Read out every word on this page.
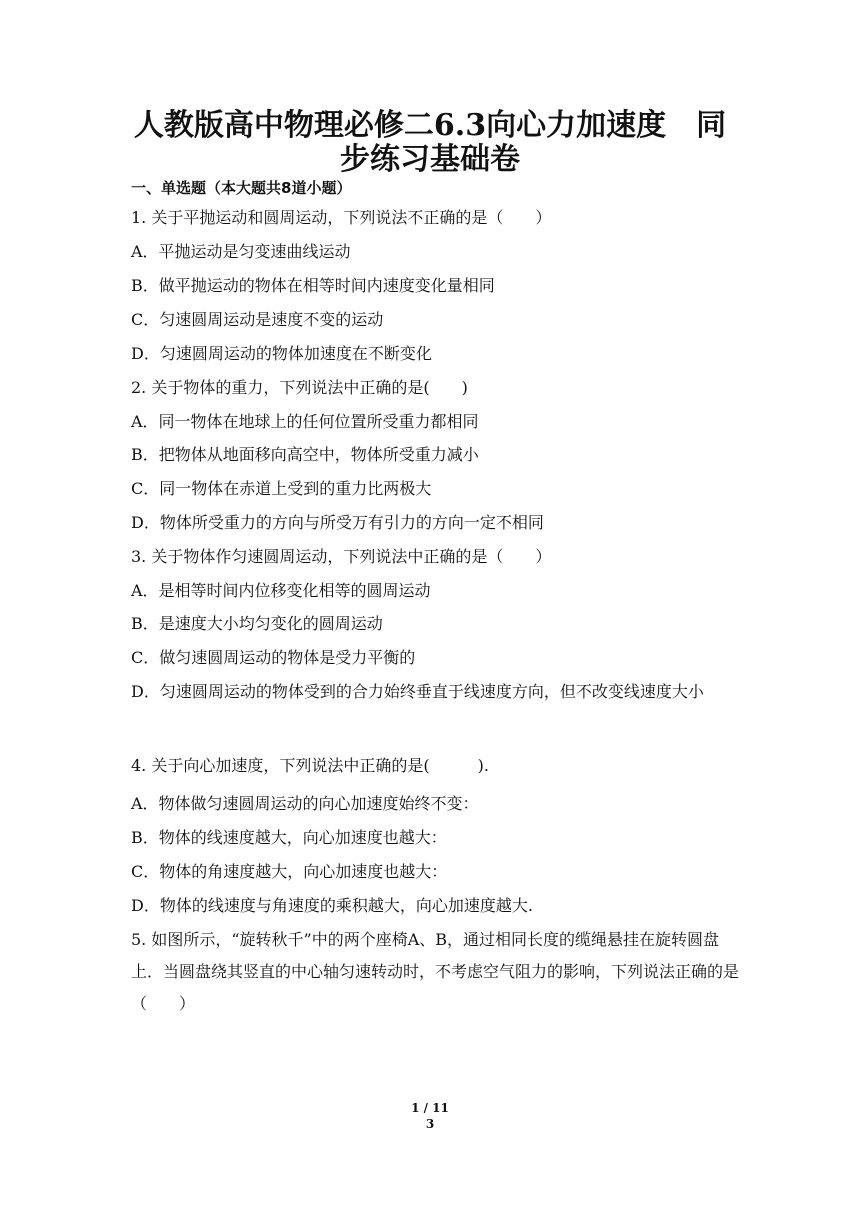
人教版高中物理必修二6.3向心力加速度　同
步练习基础卷
一、单选题（本大题共8道小题）

1. 关于平抛运动和圆周运动，下列说法不正确的是（　　）

A．平抛运动是匀变速曲线运动

B．做平抛运动的物体在相等时间内速度变化量相同

C．匀速圆周运动是速度不变的运动

D．匀速圆周运动的物体加速度在不断变化

2. 关于物体的重力，下列说法中正确的是(　　)

A．同一物体在地球上的任何位置所受重力都相同

B．把物体从地面移向高空中，物体所受重力减小

C．同一物体在赤道上受到的重力比两极大

D．物体所受重力的方向与所受万有引力的方向一定不相同

3. 关于物体作匀速圆周运动，下列说法中正确的是（　　）

A．是相等时间内位移变化相等的圆周运动

B．是速度大小均匀变化的圆周运动

C．做匀速圆周运动的物体是受力平衡的

D．匀速圆周运动的物体受到的合力始终垂直于线速度方向，但不改变线速度大小

4. 关于向心加速度，下列说法中正确的是(　　　).

A．物体做匀速圆周运动的向心加速度始终不变：

B．物体的线速度越大，向心加速度也越大：

C．物体的角速度越大，向心加速度也越大：

D．物体的线速度与角速度的乘积越大，向心加速度越大.

5. 如图所示，“旋转秋千”中的两个座椅A、B，通过相同长度的缆绳悬挂在旋转圆盘上．当圆盘绕其竖直的中心轴匀速转动时，不考虑空气阻力的影响，下列说法正确的是（　　）

1 / 11
3
